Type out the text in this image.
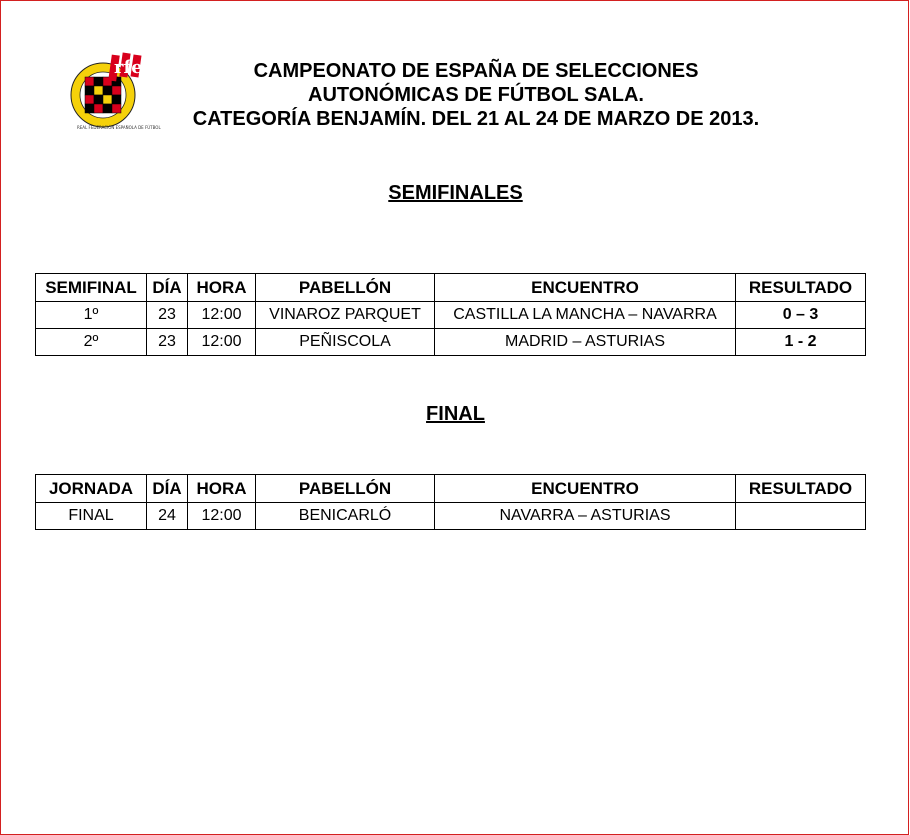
rfef
REAL FEDERACIÓN ESPAÑOLA DE FÚTBOL
CAMPEONATO DE ESPAÑA DE SELECCIONES
AUTONÓMICAS DE FÚTBOL SALA.
CATEGORÍA BENJAMÍN. DEL 21 AL 24 DE MARZO DE 2013.
SEMIFINALES
SEMIFINAL	DÍA	HORA	PABELLÓN	ENCUENTRO	RESULTADO
1º	23	12:00	VINAROZ PARQUET	CASTILLA LA MANCHA – NAVARRA	0 – 3
2º	23	12:00	PEÑISCOLA	MADRID – ASTURIAS	1 - 2
FINAL
JORNADA	DÍA	HORA	PABELLÓN	ENCUENTRO	RESULTADO
FINAL	24	12:00	BENICARLÓ	NAVARRA – ASTURIAS	
